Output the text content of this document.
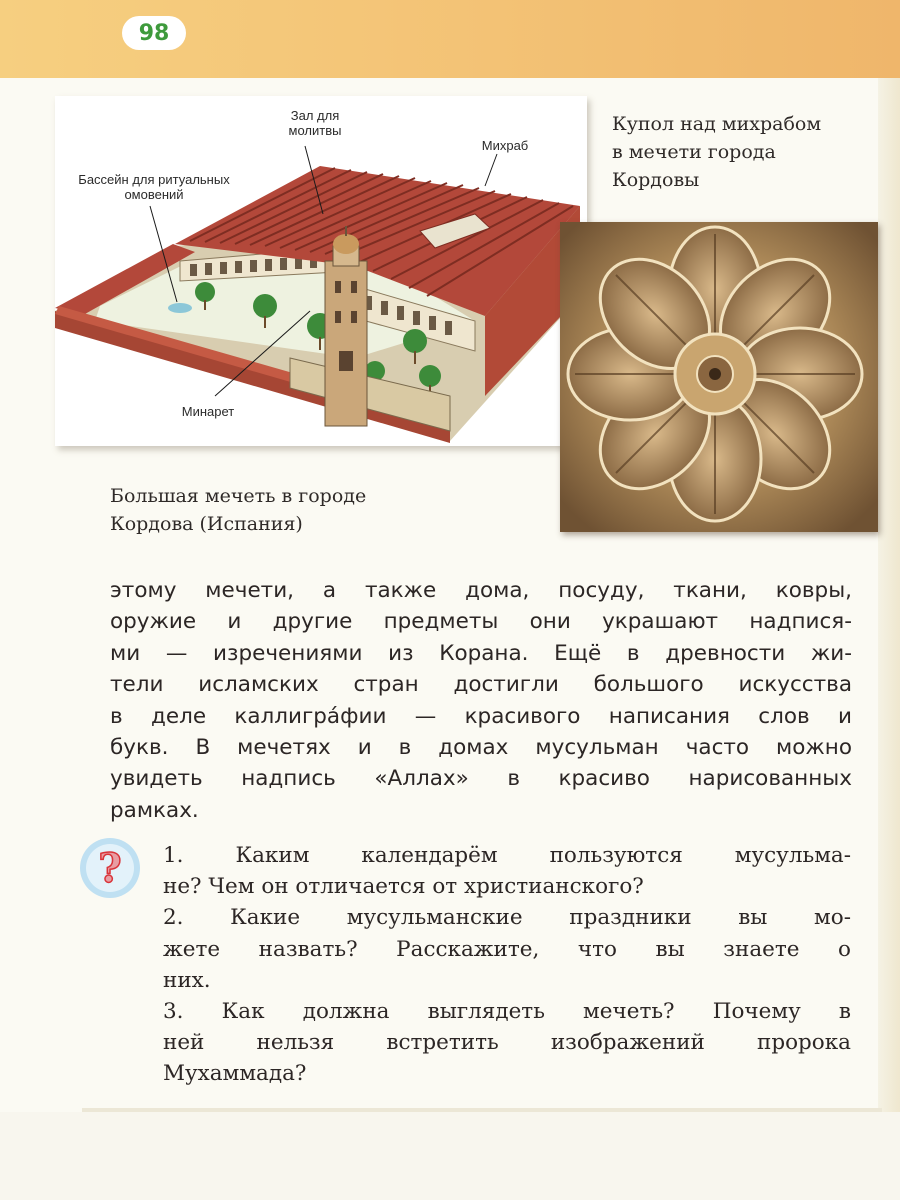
98
Зал для
молитвы
Михраб
Бассейн для ритуальных
омовений
Минарет
Купол над михрабом
в мечети города
Кордовы
Большая мечеть в городе
Кордова (Испания)
этому мечети, а также дома, посуду, ткани, ковры,
оружие и другие предметы они украшают надпися-
ми — изречениями из Корана. Ещё в древности жи-
тели исламских стран достигли большого искусства
в деле каллигра́фии — красивого написания слов и
букв. В мечетях и в домах мусульман часто можно
увидеть надпись «Аллах» в красиво нарисованных
рамках.
? 1. Каким календарём пользуются мусульма-
не? Чем он отличается от христианского?
2. Какие мусульманские праздники вы мо-
жете назвать? Расскажите, что вы знаете о
них.
3. Как должна выглядеть мечеть? Почему в
ней нельзя встретить изображений пророка
Мухаммада?
